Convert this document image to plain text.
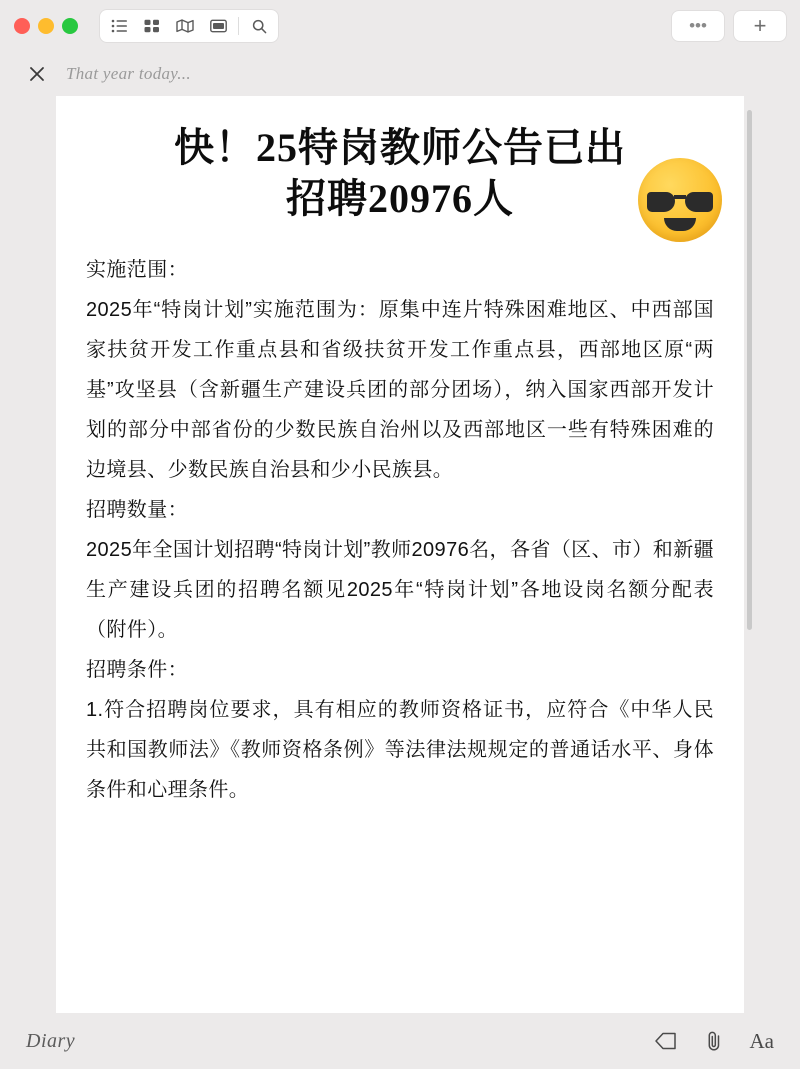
•••	+
That year today...
快！25特岗教师公告已出
招聘20976人

实施范围：

2025年“特岗计划”实施范围为：原集中连片特殊困难地区、中西部国家扶贫开发工作重点县和省级扶贫开发工作重点县，西部地区原“两基”攻坚县（含新疆生产建设兵团的部分团场），纳入国家西部开发计划的部分中部省份的少数民族自治州以及西部地区一些有特殊困难的边境县、少数民族自治县和少小民族县。

招聘数量：

2025年全国计划招聘“特岗计划”教师20976名，各省（区、市）和新疆生产建设兵团的招聘名额见2025年“特岗计划”各地设岗名额分配表（附件）。

招聘条件：

1.符合招聘岗位要求，具有相应的教师资格证书，应符合《中华人民共和国教师法》《教师资格条例》等法律法规规定的普通话水平、身体条件和心理条件。

Diary	Aa
